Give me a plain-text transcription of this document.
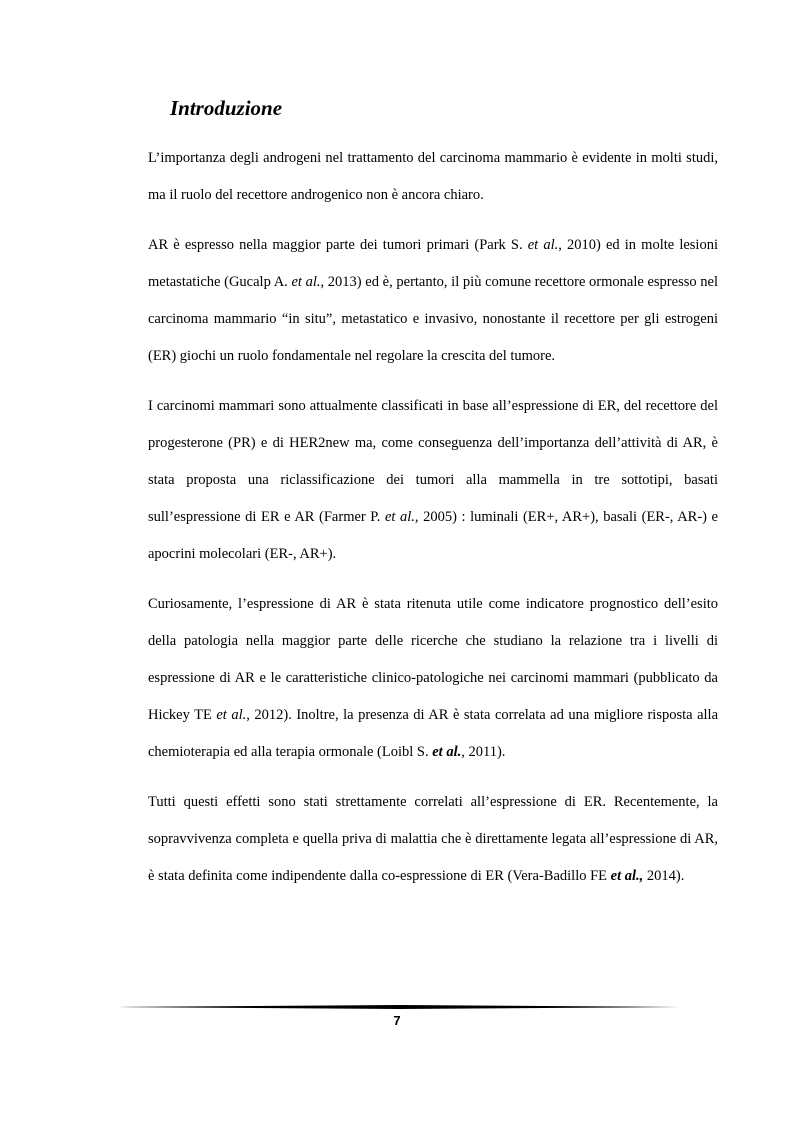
Introduzione

L’importanza degli androgeni nel trattamento del carcinoma mammario è evidente in molti studi, ma il ruolo del recettore androgenico non è ancora chiaro.

AR è espresso nella maggior parte dei tumori primari (Park S. et al., 2010) ed in molte lesioni metastatiche (Gucalp A. et al., 2013) ed è, pertanto, il più comune recettore ormonale espresso nel carcinoma mammario “in situ”, metastatico e invasivo, nonostante il recettore per gli estrogeni (ER) giochi un ruolo fondamentale nel regolare la crescita del tumore.

I carcinomi mammari sono attualmente classificati in base all’espressione di ER, del recettore del progesterone (PR) e di HER2new ma, come conseguenza dell’importanza dell’attività di AR, è stata proposta una riclassificazione dei tumori alla mammella in tre sottotipi, basati sull’espressione di ER e AR (Farmer P. et al., 2005) : luminali (ER+, AR+), basali (ER-, AR-) e apocrini molecolari (ER-, AR+).

Curiosamente, l’espressione di AR è stata ritenuta utile come indicatore prognostico dell’esito della patologia nella maggior parte delle ricerche che studiano la relazione tra i livelli di espressione di AR e le caratteristiche clinico-patologiche nei carcinomi mammari (pubblicato da Hickey TE et al., 2012). Inoltre, la presenza di AR è stata correlata ad una migliore risposta alla chemioterapia ed alla terapia ormonale (Loibl S. et al., 2011).

Tutti questi effetti sono stati strettamente correlati all’espressione di ER. Recentemente, la sopravvivenza completa e quella priva di malattia che è direttamente legata all’espressione di AR, è stata definita come indipendente dalla co-espressione di ER (Vera-Badillo FE et al., 2014).

7
